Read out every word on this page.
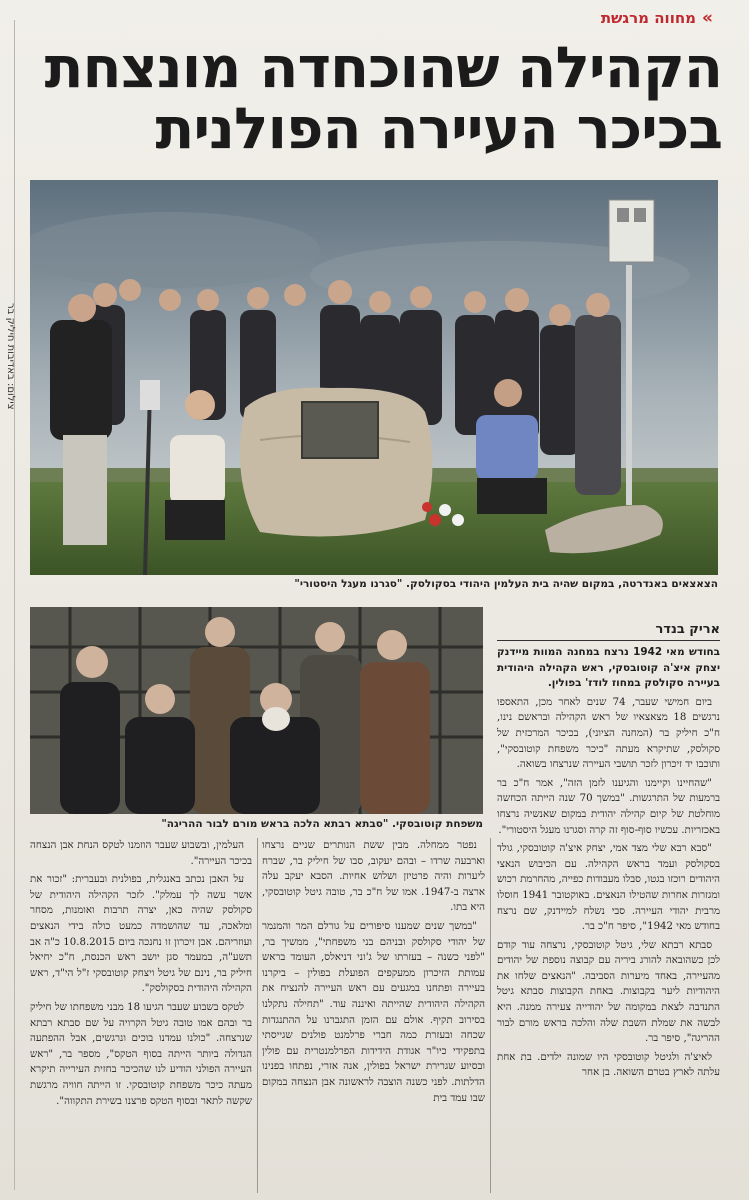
»
מחווה מרגשת
הקהילה שהוכחדה מונצחת
בכיכר העיירה הפולנית
צילום: באדיבות חיליק בר
הצאצאים באנדרטה, במקום שהיה בית העלמין היהודי בסקולסק. "סגרנו מעגל היסטורי"
משפחת קוטובסקי. "סבתא רבתא הלכה בראש מורם לבור ההריגה"
אריק בנדר

בחודש מאי 1942 נרצח במחנה המוות מיידנק יצחק איצ'ה קוטובסקי, ראש הקהילה היהודית בעיירה סקולסק במחוז לודז' בפולין.

ביום חמישי שעבר, 74 שנים לאחר מכן, התאספו נרגשים 18 מצאצאיו של ראש הקהילה ובראשם נינו, ח"כ חיליק בר (המחנה הציוני), בכיכר המרכזית של סקולסק, שתיקרא מעתה "כיכר משפחת קוטובסקי", ותוכבו יד זיכרון לזכר תושבי העיירה שנרצחו בשואה.

"שהחיינו וקיימנו והגיענו לזמן הזה", אמר ח"כ בר ברמעות של התרגשות. "במשך 70 שנה הייתה הכחשה מוחלטת של קיום קהילה יהודית במקום שאנשיה נרצחו באכזריות. עכשיו סוף-סוף זה קרה וסגרנו מעגל היסטורי".

"סבא רבא שלי מצד אמי, יצחק איצ'ה קוטובסקי, גולד בסקולסק ועמד בראש הקהילה. עם הכיבוש הנאצי היהודים רוכזו בגטו, סבלו מעבודות כפייה, מהחרמת רכוש ומגזרות אחרות שהטילו הנאצים. באוקטובר 1941 חוסלו מרבית יהודי העיירה. סבי נשלח למיידנק, שם נרצח בחודש מאי 1942", סיפר ח"כ בר.

סבתא רבתא שלי, גיטל קוטובסקי, נרצחה עוד קודם לכן כשהובאה להורג ביריה עם קבוצה נוספת של יהודים מהעיירה, באחד מיערות הסביבה. "הנאצים שלחו את היהודיות ליער בקבוצות. באחת הקבוצות סבתא גיטל התנדבה לצאת במקומה של יהודייה צעירה ממנה. היא לבשה את שמלת השבת שלה והלכה בראש מורם לבור ההריגה", סיפר בר.

לאיצ'ה ולגיטל קוטובסקי היו שמונה ילדים. בת אחת עלתה לארץ בטרם השואה. בן אחר

נפטר ממחלה. מבין ששת הנותרים שניים נרצחו וארבעה שרדו – ובהם יעקוב, סבו של חיליק בר, שברח ליערות והיה פרטיזן ושלוש אחיות. הסבא יעקב עלה ארצה ב-1947. אמו של ח"כ בר, טובה גיטל קוטובסקי, היא בתו.

"במשך שנים שמענו סיפורים על גורלם המר והמנמר של יהודי סקולסק ובניהם בני משפחתי", ממשיך בר, "לפני כשנה – בעזרתו של ג'וני דניאלס, העומד בראש עמותת הזיכרון ממעקפים הפועלת בפולין – ביקרנו בעיירה ופתחנו במגעים עם ראש העיירה להנציח את הקהילה היהודית שהייתה ואיננה עוד. "תחילה נתקלנו בסירוב תקיף. אולם עם הזמן התגברנו על ההתנגדות שכחה ובעזרת כמה חברי פרלמנט פולנים שגייסתי בתפקידי כיו"ר אגודת הידידות הפרלמנטרית עם פולין ובסיוע שגרירת ישראל בפולין, אנה אזרי, נפתחו בפנינו הדלתות. לפני כשנה הוצבה לראשונה אבן הנצחה במקום שבו עמד בית

העלמין, ובשבוע שעבר הוזמנו לטקס הנחת אבן הנצחה בכיכר העיירה".

על האבן נכתב באנגלית, בפולנית ובעברית: "זכור את אשר עשה לך עמלק". לזכר הקהילה היהודית של סקולסק שהיה כאן, יצרה תרבות ואומנות, מסחר ומלאכה, עד שהושמדה כמעט כולה בידי הנאצים ועוזריהם. אבן זיכרון זו נחנכה ביום 10.8.2015 כ"ה אב תשע"ה, במעמד סגן יושב ראש הכנסת, ח"כ יחיאל חיליק בר, נינם של גיטל ויצחק קוטובסקי ז"ל הי"ד, ראש הקהילה היהודית בסקולסק".

לטקס בשבוע שעבר הגיעו 18 מבני משפחתו של חיליק בר ובהם אמו טובה גיטל הקרויה על שם סבתא רבתא שנרצחה. "כולנו עמדנו בוכים ונרגשים, אבל ההפתעה הגדולה ביותר הייתה בסוף הטקס", מספר בר, "ראש העיירה הפולני הודיע לנו שהכיכר בחזית העירייה תיקרא מעתה כיכר משפחת קוטובסקי. זו הייתה חוויה מרגשת שקשה לתאר ובסוף הטקס פרצנו בשירת התקווה".
